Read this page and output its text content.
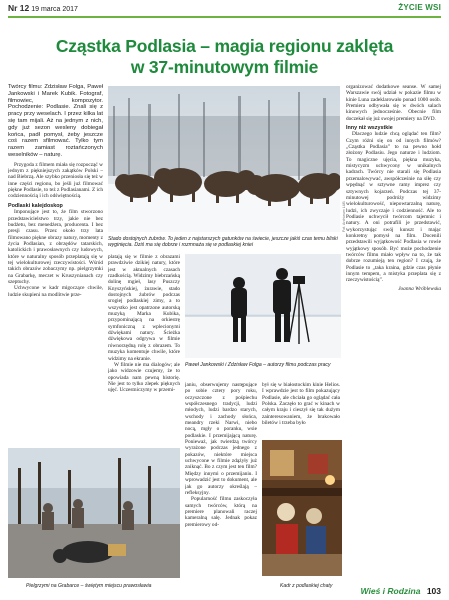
Nr 12 19 marca 2017	ŻYCIE WSI
Cząstka Podlasia – magia regionu zaklęta
w 37-minutowym filmie

Twórcy filmu: Zdzisław Folga, Paweł Jankowski i Marek Kubik. Fotograf, filmowiec, kompozytor. Pochodzenie: Podlasie. Znali się z pracy przy weselach. I przez kilka lat się tam mijali. Aż na jednym z nich, gdy już sezon wesleny dobiegał końca, padł pomysł, żeby jeszcze coś razem sfilmować. Tylko tym razem zamiast roztańczonych weselników – naturę.

Przygoda z filmem miała się rozpocząć w jednym z piękniejszych zakątków Polski – nad Biebrzą. Ale szybko przeniosła się też w inne części regionu, bo jeśli już filmować piękne Podlasie, to też z Podlasianami. Z ich codziennością i ich odświętnością.

Podlaski kalejdoskop

Imponujące jest to, że film stworzono przedstawicielstwo trzy, jakie nie bez budżetu, bez menedżera, producenta. I bez presji czasu. Przez około trzy lata filmowano piękne obrazy natury, momenty z życia Podlasian, z obrzędów tatarskich, katolickich i prawosławnych czy ludowych, które w naturalny sposób przeplatają się w tej wielokulturowej rzeczywistości. Wśród takich obrazów zobaczymy np. pielgrzymki na Grabarkę, meczet w Kruszynianach czy szeptuchy.

Uchwycone w kadr migoczące chwile, ludzie skupieni na modlitwie prze-

Fot. Archiwum LUB
Stado dostojnych żubrów. To jeden z najstarszych gatunków na świecie, jeszcze jakiś czas temu bliski wyginięcia. Dziś ma się dobrze i rozmnaża się w podlaskiej kniei

platają się w filmie z obrazami prawdziwie dzikiej natury, które jest w aktualnych czasach rzadkością. Widzimy biebrzańską dolinę mgieł, lasy Puszczy Knyszyńskiej, żurawie, stado dostojnych żubrów podczas srogiej podlaskiej zimy, a to wszystko jest opatrzone autorską muzyką Marka Kubika, przypominającą na orkiestrę symfoniczną z wplecionymi dźwiękami natury. Ścieżka dźwiękowa odgrywa w filmie równorzędną rolę z obrazem. To muzyka komentuje chwile, które widzimy na ekranie.

W filmie nie ma dialogów; ale jako widzowie czujemy, że to opowiada nam pewną historię. Nie jest to tylko zlepek pięknych ujęć. Uczestniczymy w przemi-

Paweł Jankowski i Zdzisław Folga – autorzy filmu podczas pracy

janiu, obserwujemy następujące po sobie cztery pory roku, oczyszczone z pośpiechu współczesnego tradycji, ludzi młodych, ludzi bardzo starych, wschody i zachody słońca, meandry rzeki Narwi, niebo nocą, mgły o poranku, wsie podlaskie. I przemijającą naturę. Ponieważ, jak twierdzą twórcy wyrażone podczas jednego z pokazów, niektóre miejsca uchwycone w filmie zdążyły już zniknąć. Bo z czym jest ten film? Między innymi o przemijaniu. I wprowadzić jest to dokument, ale jak go autorzy określają – refleksyjny.

Popularność filmu zaskoczyła samych twórców, którą na premiere planowali raczej kameralną salę. Jednak pokaz premierowy od-

był się w białostockim kinie Helios. I wprawdzie jest to film pokazujący Podlasie, ale chciała go oglądać cała Polska. Zaczęło to grać w kinach w całym kraju i cieszył się tak dużym zainteresowaniem, że brakowało biletów i trzeba było

Pielgrzymi na Grabarce – świętym miejscu prawosławia	Kadr z podlaskiej chaty

organizować dodatkowe seanse. W samej Warszawie swój udział w pokazie filmu w kinie Luna zadeklarowało ponad 1000 osób. Premiera odbywała się w dwóch salach kinowych jednocześnie. Obecnie film doczekał się już swojej premiery na DVD.

Inny niż wszystkie

Dlaczego ludzie chcą oglądać ten film? Czym różni się on od innych filmów? „Cząstka Podlasia” to na pewno hołd złożony Podlasiu. Jego naturze i ludziom. To magiczne ujęcia, piękna muzyka, mistycyzm uchwycony w unikalnych kadrach. Twórcy nie starali się Podlasia przemalowywać, awspółcześnie na siłę czy wpędnąć w sztywne ramy imprez czy sztywnych kojarzeń. Podczas tej 37-minutowej podróży widzimy wielokulturowość, niepowtarzalną naturę, ludzi, ich zwyczaje i codzienność. Ale to Podlasie uchwycił twórcom tajemnic i natury. A oni potrafili je przedstawić, wykorzystując swój kunszt i mając konkretny pomysł na film. Docenili przedstawili wyjątkowość Podlasia w rowie wyjątkowy sposób. Być może pochodzenie twórców filmu miało wpływ na to, że tak dobrze rozumieją ten region? I czują, że Podlasie to „taka kraina, gdzie czas płynie innym tempem, a mistyka przeplata się z rzeczywistością”.

Joanna Wróblewska
Wieś i Rodzina 103
